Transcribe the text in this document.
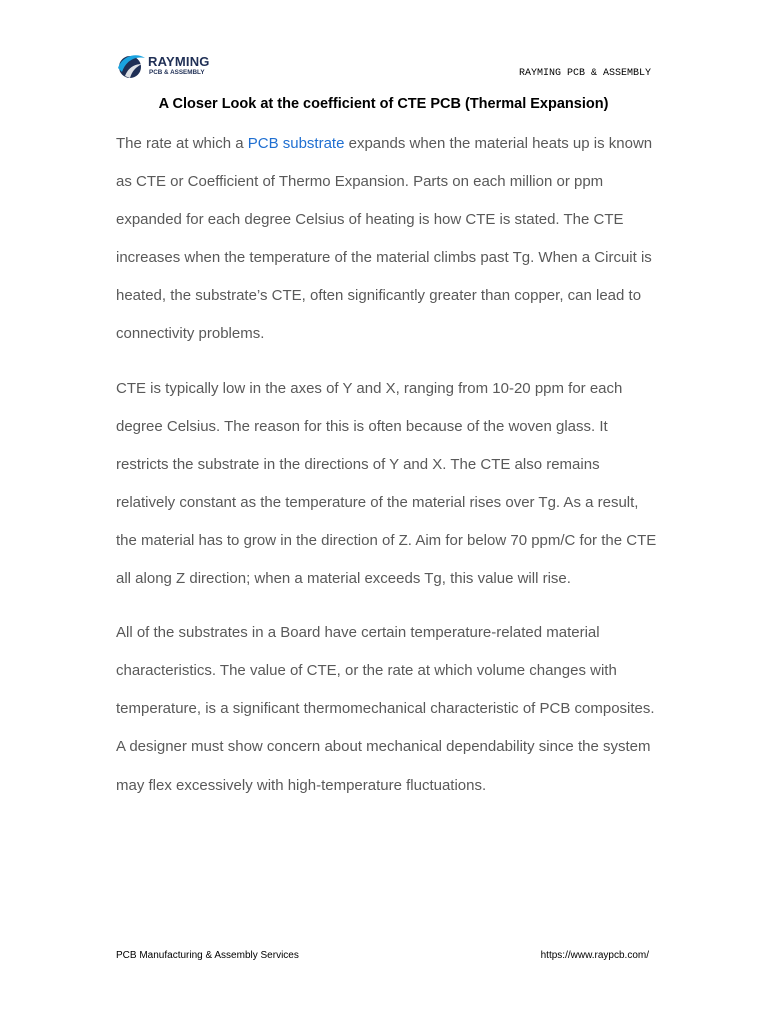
RAYMING
PCB & ASSEMBLY	RAYMING PCB & ASSEMBLY
A Closer Look at the coefficient of CTE PCB (Thermal Expansion)

The rate at which a PCB substrate expands when the material heats up is known as CTE or Coefficient of Thermo Expansion. Parts on each million or ppm expanded for each degree Celsius of heating is how CTE is stated. The CTE increases when the temperature of the material climbs past Tg. When a Circuit is heated, the substrate’s CTE, often significantly greater than copper, can lead to connectivity problems.

CTE is typically low in the axes of Y and X, ranging from 10-20 ppm for each degree Celsius. The reason for this is often because of the woven glass. It restricts the substrate in the directions of Y and X. The CTE also remains relatively constant as the temperature of the material rises over Tg. As a result, the material has to grow in the direction of Z. Aim for below 70 ppm/C for the CTE all along Z direction; when a material exceeds Tg, this value will rise.

All of the substrates in a Board have certain temperature-related material characteristics. The value of CTE, or the rate at which volume changes with temperature, is a significant thermomechanical characteristic of PCB composites. A designer must show concern about mechanical dependability since the system may flex excessively with high-temperature fluctuations.

PCB Manufacturing & Assembly Services	https://www.raypcb.com/
